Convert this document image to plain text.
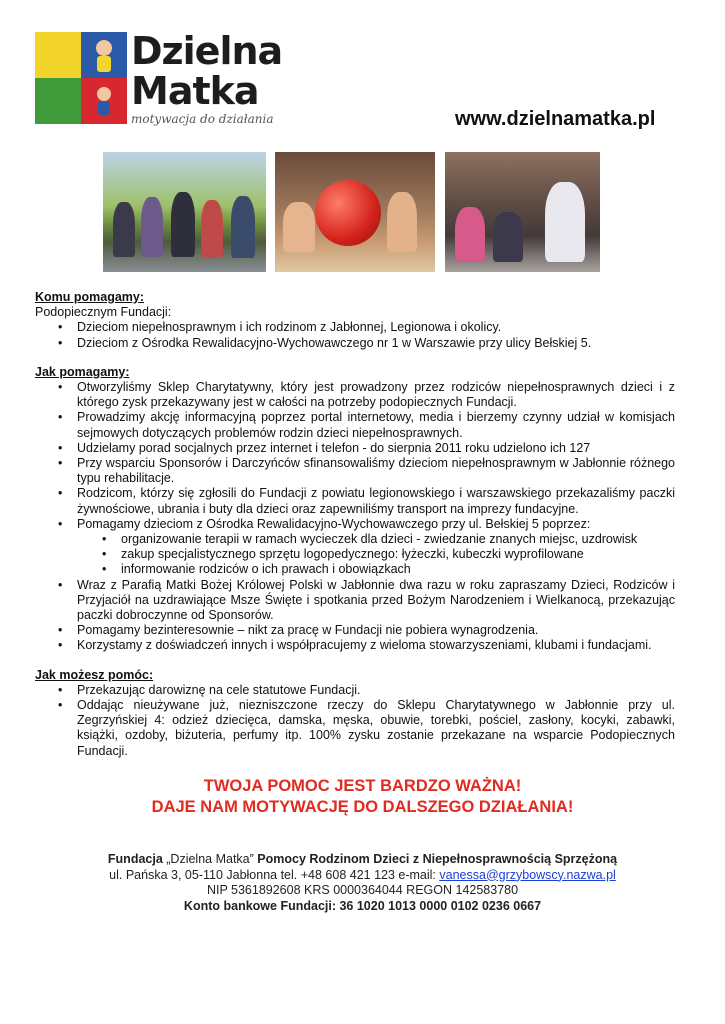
Dzielna
Matka
motywacja do działania	www.dzielnamatka.pl

Komu pomagamy:

Podopiecznym Fundacji:

• Dzieciom niepełnosprawnym i ich rodzinom z Jabłonnej, Legionowa i okolicy.
• Dzieciom z Ośrodka Rewalidacyjno-Wychowawczego nr 1 w Warszawie przy ulicy Bełskiej 5.

Jak pomagamy:

• Otworzyliśmy Sklep Charytatywny, który jest prowadzony przez rodziców niepełnosprawnych dzieci i z którego zysk przekazywany jest w całości na potrzeby podopiecznych Fundacji.
• Prowadzimy akcję informacyjną poprzez portal internetowy, media i bierzemy czynny udział w komisjach sejmowych dotyczących problemów rodzin dzieci niepełnosprawnych.
• Udzielamy porad socjalnych przez internet i telefon - do sierpnia 2011 roku udzielono ich 127
• Przy wsparciu Sponsorów i Darczyńców sfinansowaliśmy dzieciom niepełnosprawnym w Jabłonnie różnego typu rehabilitacje.
• Rodzicom, którzy się zgłosili do Fundacji z powiatu legionowskiego i warszawskiego przekazaliśmy paczki żywnościowe, ubrania i buty dla dzieci oraz zapewniliśmy transport na imprezy fundacyjne.
• Pomagamy dzieciom z Ośrodka Rewalidacyjno-Wychowawczego przy ul. Bełskiej 5 poprzez:
• organizowanie terapii w ramach wycieczek dla dzieci - zwiedzanie znanych miejsc, uzdrowisk
• zakup specjalistycznego sprzętu logopedycznego: łyżeczki, kubeczki wyprofilowane
• informowanie rodziców o ich prawach i obowiązkach
• Wraz z Parafią Matki Bożej Królowej Polski w Jabłonnie dwa razu w roku zapraszamy Dzieci, Rodziców i Przyjaciół na uzdrawiające Msze Święte i spotkania przed Bożym Narodzeniem i Wielkanocą, przekazując paczki dobroczynne od Sponsorów.
• Pomagamy bezinteresownie – nikt za pracę w Fundacji nie pobiera wynagrodzenia.
• Korzystamy z doświadczeń innych i współpracujemy z wieloma stowarzyszeniami, klubami i fundacjami.

Jak możesz pomóc:

• Przekazując darowiznę na cele statutowe Fundacji.
• Oddając nieużywane już, niezniszczone rzeczy do Sklepu Charytatywnego w Jabłonnie przy ul. Zegrzyńskiej 4: odzież dziecięca, damska, męska, obuwie, torebki, pościel, zasłony, kocyki, zabawki, książki, ozdoby, biżuteria, perfumy itp. 100% zysku zostanie przekazane na wsparcie Podopiecznych Fundacji.
TWOJA POMOC JEST BARDZO WAŻNA!
DAJE NAM MOTYWACJĘ DO DALSZEGO DZIAŁANIA!
Fundacja „Dzielna Matka” Pomocy Rodzinom Dzieci z Niepełnosprawnością Sprzężoną
ul. Pańska 3, 05-110 Jabłonna tel. +48 608 421 123 e-mail: vanessa@grzybowscy.nazwa.pl
NIP 5361892608 KRS 0000364044 REGON 142583780
Konto bankowe Fundacji: 36 1020 1013 0000 0102 0236 0667
